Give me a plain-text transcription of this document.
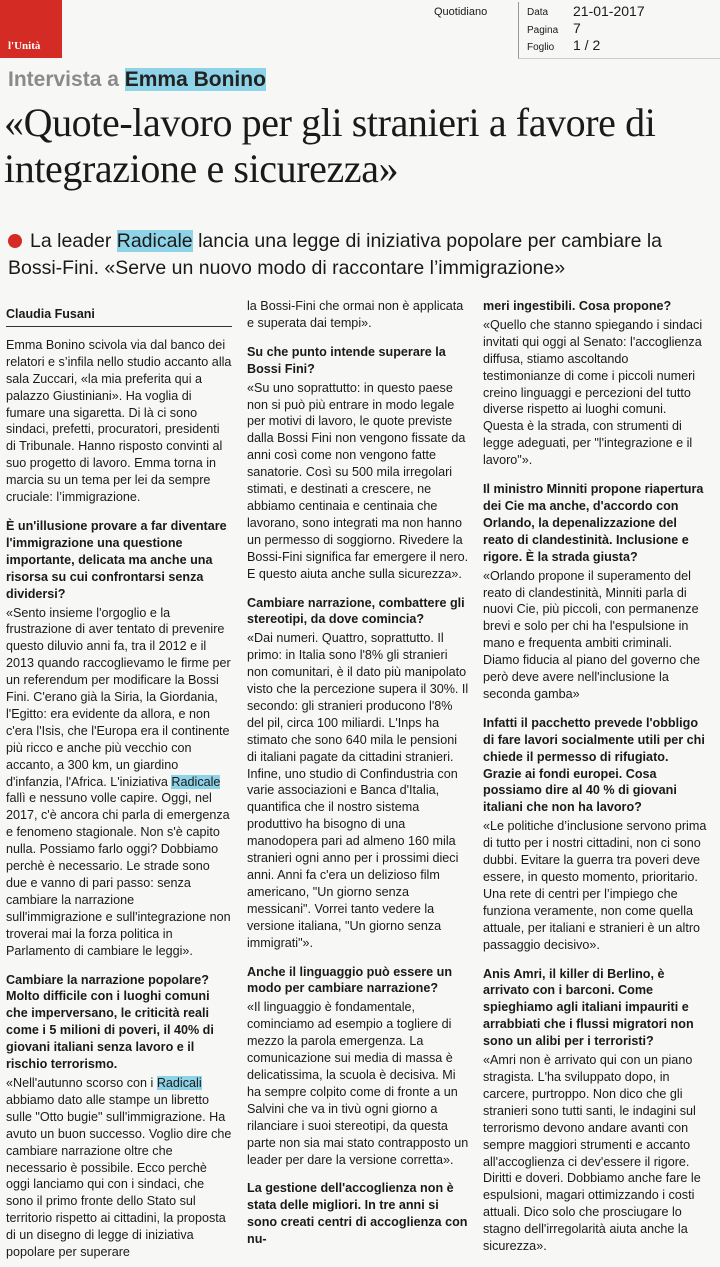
l'Unità
Quotidiano	Data 21-01-2017
Pagina 7
Foglio 1 / 2
Intervista a Emma Bonino
«Quote-lavoro per gli stranieri a favore di integrazione e sicurezza»
La leader Radicale lancia una legge di iniziativa popolare per cambiare la Bossi-Fini. «Serve un nuovo modo di raccontare l’immigrazione»
Claudia Fusani

Emma Bonino scivola via dal banco dei relatori e s’infila nello studio accanto alla sala Zuccari, «la mia preferita qui a palazzo Giustiniani». Ha voglia di fumare una sigaretta. Di là ci sono sindaci, prefetti, procuratori, presidenti di Tribunale. Hanno risposto convinti al suo progetto di lavoro. Emma torna in marcia su un tema per lei da sempre cruciale: l’immigrazione.

È un'illusione provare a far diventare l'immigrazione una questione importante, delicata ma anche una risorsa su cui confrontarsi senza dividersi?

«Sento insieme l'orgoglio e la frustrazione di aver tentato di prevenire questo diluvio anni fa, tra il 2012 e il 2013 quando raccoglievamo le firme per un referendum per modificare la Bossi Fini. C'erano già la Siria, la Giordania, l'Egitto: era evidente da allora, e non c'era l'Isis, che l'Europa era il continente più ricco e anche più vecchio con accanto, a 300 km, un giardino d'infanzia, l'Africa. L'iniziativa Radicale fallì e nessuno volle capire. Oggi, nel 2017, c'è ancora chi parla di emergenza e fenomeno stagionale. Non s'è capito nulla. Possiamo farlo oggi? Dobbiamo perchè è necessario. Le strade sono due e vanno di pari passo: senza cambiare la narrazione sull'immigrazione e sull'integrazione non troverai mai la forza politica in Parlamento di cambiare le leggi».

Cambiare la narrazione popolare? Molto difficile con i luoghi comuni che imperversano, le criticità reali come i 5 milioni di poveri, il 40% di giovani italiani senza lavoro e il rischio terrorismo.

«Nell'autunno scorso con i Radicali abbiamo dato alle stampe un libretto sulle "Otto bugie" sull'immigrazione. Ha avuto un buon successo. Voglio dire che cambiare narrazione oltre che necessario è possibile. Ecco perchè oggi lanciamo qui con i sindaci, che sono il primo fronte dello Stato sul territorio rispetto ai cittadini, la proposta di un disegno di legge di iniziativa popolare per superare

la Bossi-Fini che ormai non è applicata e superata dai tempi».

Su che punto intende superare la Bossi Fini?

«Su uno soprattutto: in questo paese non si può più entrare in modo legale per motivi di lavoro, le quote previste dalla Bossi Fini non vengono fissate da anni così come non vengono fatte sanatorie. Così su 500 mila irregolari stimati, e destinati a crescere, ne abbiamo centinaia e centinaia che lavorano, sono integrati ma non hanno un permesso di soggiorno. Rivedere la Bossi-Fini significa far emergere il nero. E questo aiuta anche sulla sicurezza».

Cambiare narrazione, combattere gli stereotipi, da dove comincia?

«Dai numeri. Quattro, soprattutto. Il primo: in Italia sono l'8% gli stranieri non comunitari, è il dato più manipolato visto che la percezione supera il 30%. Il secondo: gli stranieri producono l'8% del pil, circa 100 miliardi. L'Inps ha stimato che sono 640 mila le pensioni di italiani pagate da cittadini stranieri. Infine, uno studio di Confindustria con varie associazioni e Banca d'Italia, quantifica che il nostro sistema produttivo ha bisogno di una manodopera pari ad almeno 160 mila stranieri ogni anno per i prossimi dieci anni. Anni fa c'era un delizioso film americano, "Un giorno senza messicani". Vorrei tanto vedere la versione italiana, "Un giorno senza immigrati"».

Anche il linguaggio può essere un modo per cambiare narrazione?

«Il linguaggio è fondamentale, cominciamo ad esempio a togliere di mezzo la parola emergenza. La comunicazione sui media di massa è delicatissima, la scuola è decisiva. Mi ha sempre colpito come di fronte a un Salvini che va in tivù ogni giorno a rilanciare i suoi stereotipi, da questa parte non sia mai stato contrapposto un leader per dare la versione corretta».

La gestione dell'accoglienza non è stata delle migliori. In tre anni si sono creati centri di accoglienza con nu-

meri ingestibili. Cosa propone?

«Quello che stanno spiegando i sindaci invitati qui oggi al Senato: l'accoglienza diffusa, stiamo ascoltando testimonianze di come i piccoli numeri creino linguaggi e percezioni del tutto diverse rispetto ai luoghi comuni. Questa è la strada, con strumenti di legge adeguati, per "l'integrazione e il lavoro"».

Il ministro Minniti propone riapertura dei Cie ma anche, d'accordo con Orlando, la depenalizzazione del reato di clandestinità. Inclusione e rigore. È la strada giusta?

«Orlando propone il superamento del reato di clandestinità, Minniti parla di nuovi Cie, più piccoli, con permanenze brevi e solo per chi ha l'espulsione in mano e frequenta ambiti criminali. Diamo fiducia al piano del governo che però deve avere nell'inclusione la seconda gamba»

Infatti il pacchetto prevede l'obbligo di fare lavori socialmente utili per chi chiede il permesso di rifugiato. Grazie ai fondi europei. Cosa possiamo dire al 40 % di giovani italiani che non ha lavoro?

«Le politiche d’inclusione servono prima di tutto per i nostri cittadini, non ci sono dubbi. Evitare la guerra tra poveri deve essere, in questo momento, prioritario. Una rete di centri per l’impiego che funziona veramente, non come quella attuale, per italiani e stranieri è un altro passaggio decisivo».

Anis Amri, il killer di Berlino, è arrivato con i barconi. Come spieghiamo agli italiani impauriti e arrabbiati che i flussi migratori non sono un alibi per i terroristi?

«Amri non è arrivato qui con un piano stragista. L'ha sviluppato dopo, in carcere, purtroppo. Non dico che gli stranieri sono tutti santi, le indagini sul terrorismo devono andare avanti con sempre maggiori strumenti e accanto all'accoglienza ci dev'essere il rigore. Diritti e doveri. Dobbiamo anche fare le espulsioni, magari ottimizzando i costi attuali. Dico solo che prosciugare lo stagno dell'irregolarità aiuta anche la sicurezza».
